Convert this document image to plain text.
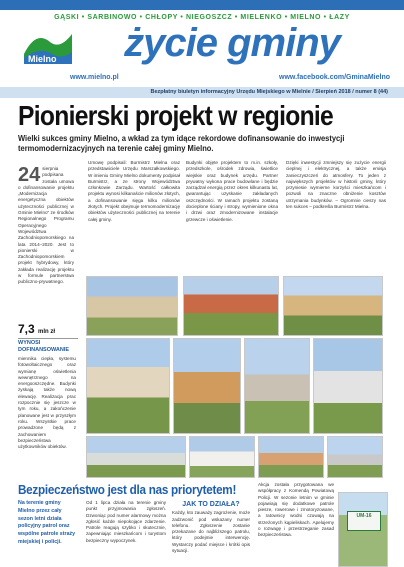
GĄSKI • SARBINOWO • CHŁOPY • NIEGOSZCZ • MIELENKO • MIELNO • ŁAZY
Mielno	życie gminy
www.mielno.pl	www.facebook.com/GminaMielno
Bezpłatny biuletyn informacyjny Urzędu Miejskiego w Mielnie / Sierpień 2018 / numer 8 (44)
Pionierski projekt w regionie
Wielki sukces gminy Mielno, a wkład za tym idące rekordowe dofinansowanie do inwestycji termomodernizacyjnych na terenie całej gminy Mielno.
24 sierpnia podpisana została umowa o dofinansowanie projektu „Modernizacja energetyczna obiektów użyteczności publicznej w Gminie Mielno” ze środków Regionalnego Programu Operacyjnego Województwa Zachodniopomorskiego na lata 2014–2020. Jest to pionierski w Zachodniopomorskiem projekt hybrydowy, który zakłada realizację projektu w formule partnerstwa publiczno-prywatnego.
Umowę podpisali: Burmistrz Mielna oraz przedstawiciele Urzędu Marszałkowskiego. W imieniu Gminy Mielno dokumenty podpisał Burmistrz, a ze strony Województwa członkowie Zarządu. Wartość całkowita projektu wynosi kilkanaście milionów złotych, a dofinansowanie sięga kilku milionów złotych. Projekt obejmuje termomodernizację obiektów użyteczności publicznej na terenie całej gminy.
Budynki objęte projektem to m.in. szkoły, przedszkole, ośrodek zdrowia, świetlice wiejskie oraz budynek urzędu. Partner prywatny wykona prace budowlane i będzie zarządzał energią przez okres kilkunastu lat, gwarantując uzyskanie zakładanych oszczędności. W ramach projektu zostaną docieplone ściany i stropy, wymienione okna i drzwi oraz zmodernizowane instalacje grzewcze i oświetlenie.
Dzięki inwestycji zmniejszy się zużycie energii cieplnej i elektrycznej, a także emisja zanieczyszczeń do atmosfery. To jeden z największych projektów w historii gminy, który przyniesie wymierne korzyści mieszkańcom i pozwoli na znaczne obniżenie kosztów utrzymania budynków. – Ogromnie cieszy nas ten sukces – podkreśla Burmistrz Mielna.
7,3 mln zł
WYNOSI DOFINANSOWANIE
miennika ciepła, systemu fotowoltaicznego oraz wymianę oświetlenia wewnętrznego na energooszczędne. Budynki zyskają także nową elewację. Realizacja prac rozpocznie się jeszcze w tym roku, a zakończenie planowane jest w przyszłym roku. Wszystkie prace prowadzone będą z zachowaniem bezpieczeństwa użytkowników obiektów.
UM-16
Bezpieczeństwo jest dla nas priorytetem!
Na terenie gminy Mielno przez cały sezon letni działa policyjny patrol oraz wspólne patrole straży miejskiej i policji.
Od 1 lipca działa na terenie gminy punkt przyjmowania zgłoszeń. Dzwoniąc pod numer alarmowy można zgłosić każde niepokojące zdarzenie. Patrole reagują szybko i skutecznie, zapewniając mieszkańcom i turystom bezpieczny wypoczynek.
JAK TO DZIAŁA?
Każdy, kto zauważy zagrożenie, może zadzwonić pod wskazany numer telefonu. Zgłoszenie zostanie przekazane do najbliższego patrolu, który podejmie interwencję. Wystarczy podać miejsce i krótki opis sytuacji.
Akcja została przygotowana we współpracy z Komendą Powiatową Policji. W sezonie letnim w gminie pojawiają się dodatkowe patrole piesze, rowerowe i zmotoryzowane, a ratownicy wodni czuwają na strzeżonych kąpieliskach. Apelujemy o rozwagę i przestrzeganie zasad bezpieczeństwa.
